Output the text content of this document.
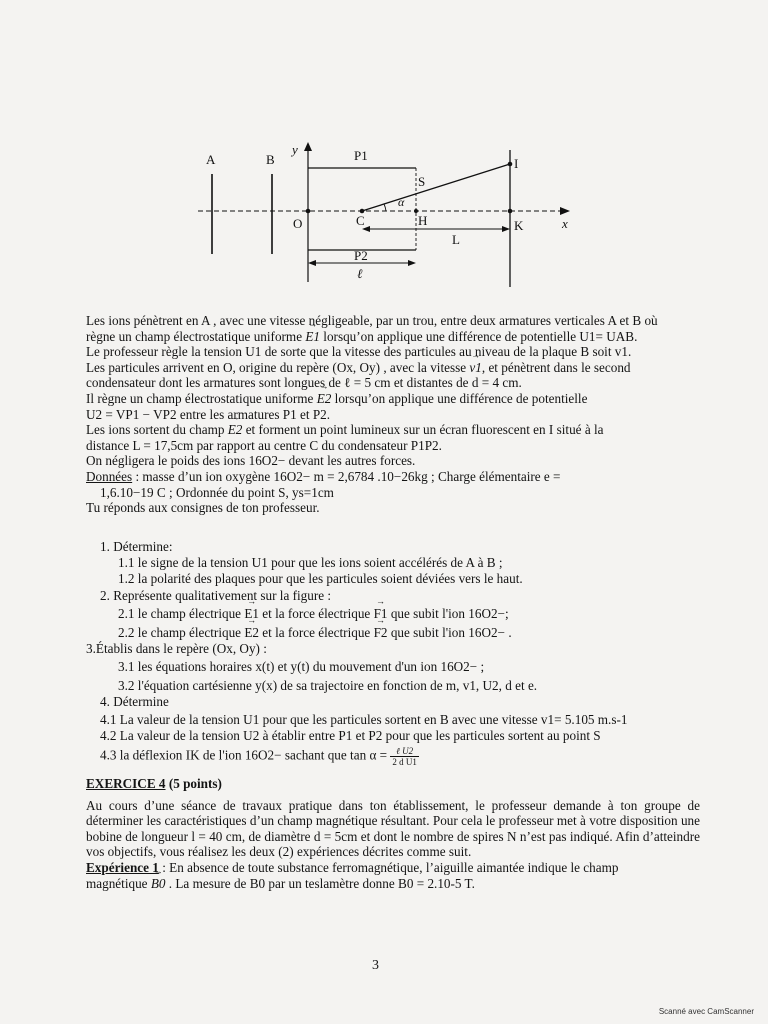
A	B
y	P1
S
I
α
O	C	H	K	x
L
P2
ℓ

Les ions pénètrent en A , avec une vitesse négligeable, par un trou, entre deux armatures verticales A et B où

règne un champ électrostatique uniforme → E1 lorsqu’on applique une différence de potentielle U1= UAB.

Le professeur règle la tension U1 de sorte que la vitesse des particules au niveau de la plaque B soit v1.

Les particules arrivent en O, origine du repère (Ox, Oy) , avec la vitesse → v1, et pénètrent dans le second

condensateur dont les armatures sont longues de ℓ = 5 cm et distantes de d = 4 cm.

Il règne un champ électrostatique uniforme → E2 lorsqu’on applique une différence de potentielle

U2 = VP1 − VP2 entre les armatures P1 et P2.

Les ions sortent du champ → E2 et forment un point lumineux sur un écran fluorescent en I situé à la

distance L = 17,5cm par rapport au centre C du condensateur P1P2.

On négligera le poids des ions 16O2− devant les autres forces.

Données : masse d’un ion oxygène 16O2− m = 2,6784 .10−26kg ; Charge élémentaire e =

1,6.10−19 C ; Ordonnée du point S, ys=1cm

Tu réponds aux consignes de ton professeur.

1. Détermine:

1.1 le signe de la tension U1 pour que les ions soient accélérés de A à B ;

1.2 la polarité des plaques pour que les particules soient déviées vers le haut.

2. Représente qualitativement sur la figure :

2.1 le champ électrique → E1 et la force électrique → F1 que subit l'ion 16O2−;

2.2 le champ électrique → E2 et la force électrique → F2 que subit l'ion 16O2− .

3.Établis dans le repère (Ox, Oy) :

3.1 les équations horaires x(t) et y(t) du mouvement d'un ion 16O2− ;

3.2 l'équation cartésienne y(x) de sa trajectoire en fonction de m, v1, U2, d et e.

4. Détermine

4.1 La valeur de la tension U1 pour que les particules sortent en B avec une vitesse v1= 5.105 m.s-1

4.2 La valeur de la tension U2 à établir entre P1 et P2 pour que les particules sortent au point S

4.3 la déflexion IK de l'ion 16O2− sachant que $\tan \alpha = \frac{\text{ℓ U2}}{\text{2 d U1}}$

EXERCICE 4 (5 points)

Au cours d’une séance de travaux pratique dans ton établissement, le professeur demande à ton groupe de déterminer les caractéristiques d’un champ magnétique résultant. Pour cela le professeur met à votre disposition une bobine de longueur l = 40 cm, de diamètre d = 5cm et dont le nombre de spires N n’est pas indiqué. Afin d’atteindre vos objectifs, vous réalisez les deux (2) expériences décrites comme suit.

Expérience 1 : En absence de toute substance ferromagnétique, l’aiguille aimantée indique le champ

magnétique → B0 . La mesure de B0 par un teslamètre donne B0 = 2.10-5 T.

3
Scanné avec CamScanner
